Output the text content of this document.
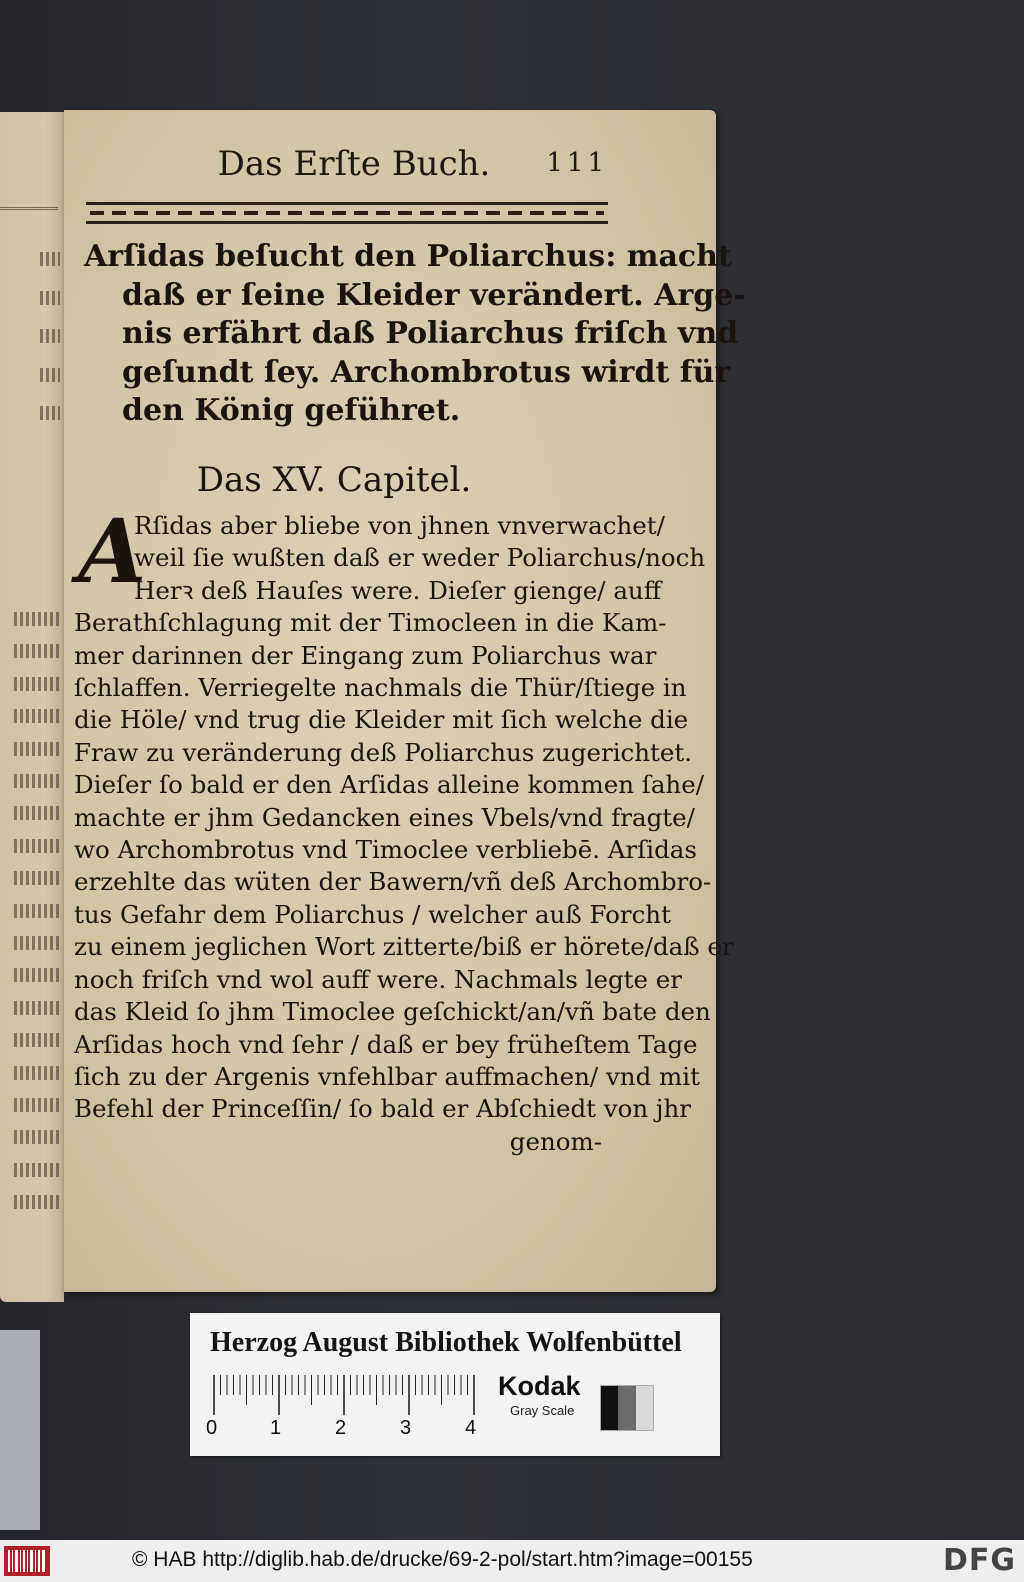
Das Erſte Buch. 111
Arſidas beſucht den Poliarchus: macht
daß er ſeine Kleider verändert. Arge-
nis erfährt daß Poliarchus friſch vnd
geſundt ſey. Archombrotus wirdt für
den König geführet.
Das XV. Capitel.
A
Rſidas aber bliebe von jhnen vnverwachet/
weil ſie wußten daß er weder Poliarchus/noch
Herꝛ deß Hauſes were. Dieſer gienge/ auff
Berathſchlagung mit der Timocleen in die Kam-
mer darinnen der Eingang zum Poliarchus war
ſchlaffen. Verriegelte nachmals die Thür/ſtiege in
die Höle/ vnd trug die Kleider mit ſich welche die
Fraw zu veränderung deß Poliarchus zugerichtet.
Dieſer ſo bald er den Arſidas alleine kommen ſahe/
machte er jhm Gedancken eines Vbels/vnd fragte/
wo Archombrotus vnd Timoclee verbliebē. Arſidas
erzehlte das wüten der Bawern/vñ deß Archombro-
tus Gefahr dem Poliarchus / welcher auß Forcht
zu einem jeglichen Wort zitterte/biß er hörete/daß er
noch friſch vnd wol auff were. Nachmals legte er
das Kleid ſo jhm Timoclee geſchickt/an/vñ bate den
Arſidas hoch vnd ſehr / daß er bey früheſtem Tage
ſich zu der Argenis vnfehlbar auffmachen/ vnd mit
Befehl der Princeſſin/ ſo bald er Abſchiedt von jhr
genom-
Herzog August Bibliothek Wolfenbüttel
0	1	2	3	4
Kodak
Gray Scale
© HAB http://diglib.hab.de/drucke/69-2-pol/start.htm?image=00155	DFG
